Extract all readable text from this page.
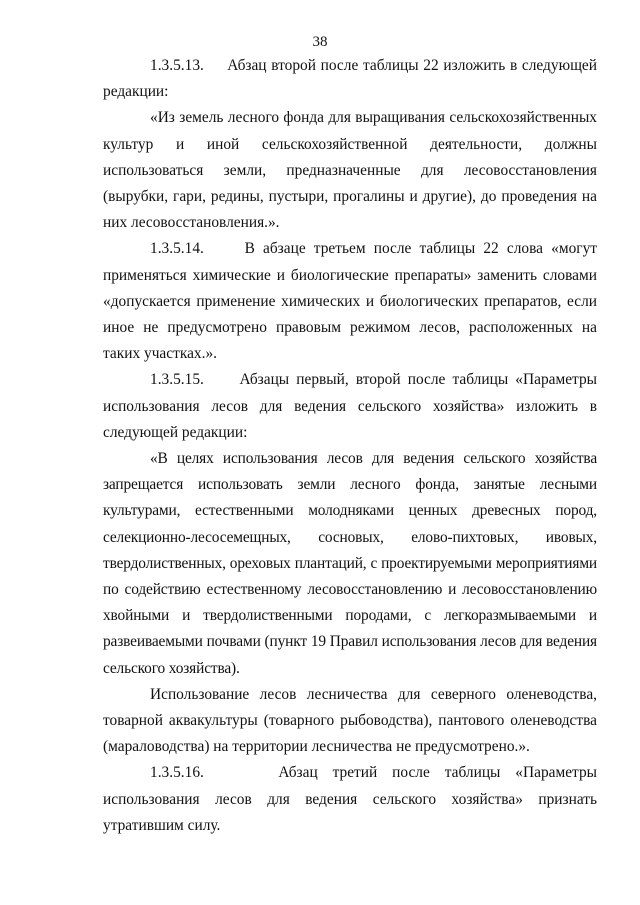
38

1.3.5.13.     Абзац второй после таблицы 22 изложить в следующей редакции:

«Из земель лесного фонда для выращивания сельскохозяйственных культур и иной сельскохозяйственной деятельности, должны использоваться земли, предназначенные для лесовосстановления (вырубки, гари, редины, пустыри, прогалины и другие), до проведения на них лесовосстановления.».

1.3.5.14.     В абзаце третьем после таблицы 22 слова «могут применяться химические и биологические препараты» заменить словами «допускается применение химических и биологических препаратов, если иное не предусмотрено правовым режимом лесов, расположенных на таких участках.».

1.3.5.15.     Абзацы первый, второй после таблицы «Параметры использования лесов для ведения сельского хозяйства» изложить в следующей редакции:

«В целях использования лесов для ведения сельского хозяйства запрещается использовать земли лесного фонда, занятые лесными культурами, естественными молодняками ценных древесных пород, селекционно-лесосемещных, сосновых, елово-пихтовых, ивовых, твердолиственных, ореховых плантаций, с проектируемыми мероприятиями по содействию естественному лесовосстановлению и лесовосстановлению хвойными и твердолиственными породами, с легкоразмываемыми и развеиваемыми почвами (пункт 19 Правил использования лесов для ведения сельского хозяйства).

Использование лесов лесничества для северного оленеводства, товарной аквакультуры (товарного рыбоводства), пантового оленеводства (мараловодства) на территории лесничества не предусмотрено.».

1.3.5.16.     Абзац третий после таблицы «Параметры использования лесов для ведения сельского хозяйства» признать утратившим силу.
